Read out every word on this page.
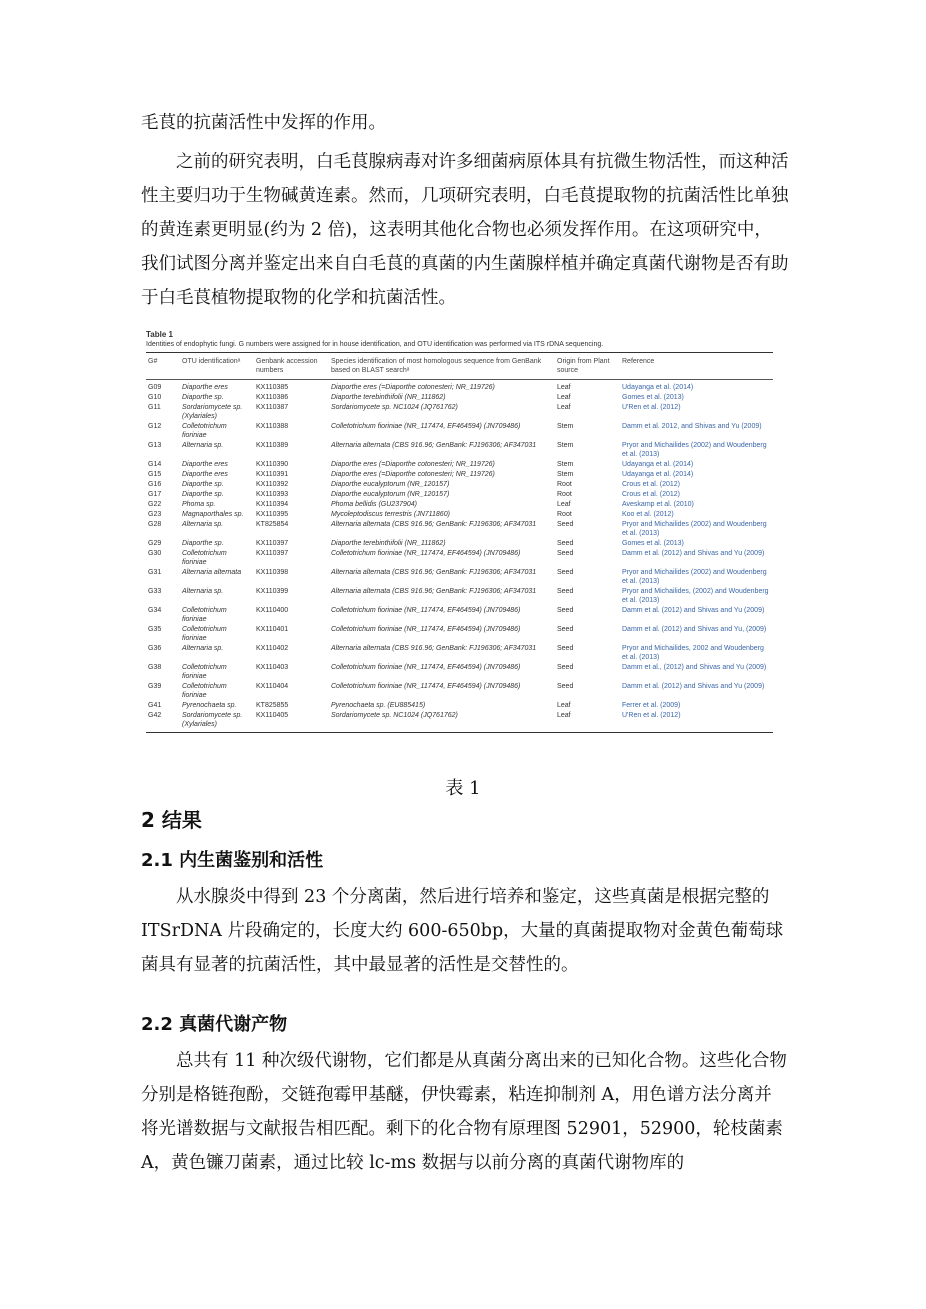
毛茛的抗菌活性中发挥的作用。

之前的研究表明，白毛茛腺病毒对许多细菌病原体具有抗微生物活性，而这种活性主要归功于生物碱黄连素。然而，几项研究表明，白毛茛提取物的抗菌活性比单独的黄连素更明显(约为 2 倍)，这表明其他化合物也必须发挥作用。在这项研究中，我们试图分离并鉴定出来自白毛茛的真菌的内生菌腺样植并确定真菌代谢物是否有助于白毛茛植物提取物的化学和抗菌活性。

Table 1
Identities of endophytic fungi. G numbers were assigned for in house identification, and OTU identification was performed via ITS rDNA sequencing.
G#	OTU identificationᵃ	Genbank accession numbers	Species identification of most homologous sequence from GenBank based on BLAST searchᵃ	Origin from Plant source	Reference
G09	Diaporthe eres	KX110385	Diaporthe eres (=Diaporthe cotonesteri; NR_119726)	Leaf	Udayanga et al. (2014)
G10	Diaporthe sp.	KX110386	Diaporthe terebinthifolii (NR_111862)	Leaf	Gomes et al. (2013)
G11	Sordariomycete sp. (Xylariales)	KX110387	Sordariomycete sp. NC1024 (JQ761762)	Leaf	U'Ren et al. (2012)
G12	Colletotrichum fioriniae	KX110388	Colletotrichum fioriniae (NR_117474, EF464594) (JN709486)	Stem	Damm et al. 2012, and Shivas and Yu (2009)
G13	Alternaria sp.	KX110389	Alternaria alternata (CBS 916.96; GenBank: FJ196306; AF347031	Stem	Pryor and Michailides (2002) and Woudenberg et al. (2013)
G14	Diaporthe eres	KX110390	Diaporthe eres (=Diaporthe cotonesteri; NR_119726)	Stem	Udayanga et al. (2014)
G15	Diaporthe eres	KX110391	Diaporthe eres (=Diaporthe cotonesteri; NR_119726)	Stem	Udayanga et al. (2014)
G16	Diaporthe sp.	KX110392	Diaporthe eucalyptorum (NR_120157)	Root	Crous et al. (2012)
G17	Diaporthe sp.	KX110393	Diaporthe eucalyptorum (NR_120157)	Root	Crous et al. (2012)
G22	Phoma sp.	KX110394	Phoma bellidis (GU237904)	Leaf	Aveskamp et al. (2010)
G23	Magnaporthales sp.	KX110395	Mycoleptodiscus terrestris (JN711860)	Root	Koo et al. (2012)
G28	Alternaria sp.	KT825854	Alternaria alternata (CBS 916.96; GenBank: FJ196306; AF347031	Seed	Pryor and Michailides (2002) and Woudenberg et al. (2013)
G29	Diaporthe sp.	KX110397	Diaporthe terebinthifolii (NR_111862)	Seed	Gomes et al. (2013)
G30	Colletotrichum fioriniae	KX110397	Colletotrichum fioriniae (NR_117474, EF464594) (JN709486)	Seed	Damm et al. (2012) and Shivas and Yu (2009)
G31	Alternaria alternata	KX110398	Alternaria alternata (CBS 916.96; GenBank: FJ196306; AF347031	Seed	Pryor and Michailides (2002) and Woudenberg et al. (2013)
G33	Alternaria sp.	KX110399	Alternaria alternata (CBS 916.96; GenBank: FJ196306; AF347031	Seed	Pryor and Michailides, (2002) and Woudenberg et al. (2013)
G34	Colletotrichum fioriniae	KX110400	Colletotrichum fioriniae (NR_117474, EF464594) (JN709486)	Seed	Damm et al. (2012) and Shivas and Yu (2009)
G35	Colletotrichum fioriniae	KX110401	Colletotrichum fioriniae (NR_117474, EF464594) (JN709486)	Seed	Damm et al. (2012) and Shivas and Yu, (2009)
G36	Alternaria sp.	KX110402	Alternaria alternata (CBS 916.96; GenBank: FJ196306; AF347031	Seed	Pryor and Michailides, 2002 and Woudenberg et al. (2013)
G38	Colletotrichum fioriniae	KX110403	Colletotrichum fioriniae (NR_117474, EF464594) (JN709486)	Seed	Damm et al., (2012) and Shivas and Yu (2009)
G39	Colletotrichum fioriniae	KX110404	Colletotrichum fioriniae (NR_117474, EF464594) (JN709486)	Seed	Damm et al. (2012) and Shivas and Yu (2009)
G41	Pyrenochaeta sp.	KT825855	Pyrenochaeta sp. (EU885415)	Leaf	Ferrer et al. (2009)
G42	Sordariomycete sp. (Xylariales)	KX110405	Sordariomycete sp. NC1024 (JQ761762)	Leaf	U'Ren et al. (2012)
表 1
2 结果
2.1 内生菌鉴别和活性

从水腺炎中得到 23 个分离菌，然后进行培养和鉴定，这些真菌是根据完整的 ITSrDNA 片段确定的，长度大约 600-650bp，大量的真菌提取物对金黄色葡萄球菌具有显著的抗菌活性，其中最显著的活性是交替性的。

2.2 真菌代谢产物

总共有 11 种次级代谢物，它们都是从真菌分离出来的已知化合物。这些化合物分别是格链孢酚，交链孢霉甲基醚，伊快霉素，粘连抑制剂 A，用色谱方法分离并将光谱数据与文献报告相匹配。剩下的化合物有原理图 52901，52900，轮枝菌素 A，黄色镰刀菌素，通过比较 lc-ms 数据与以前分离的真菌代谢物库的
